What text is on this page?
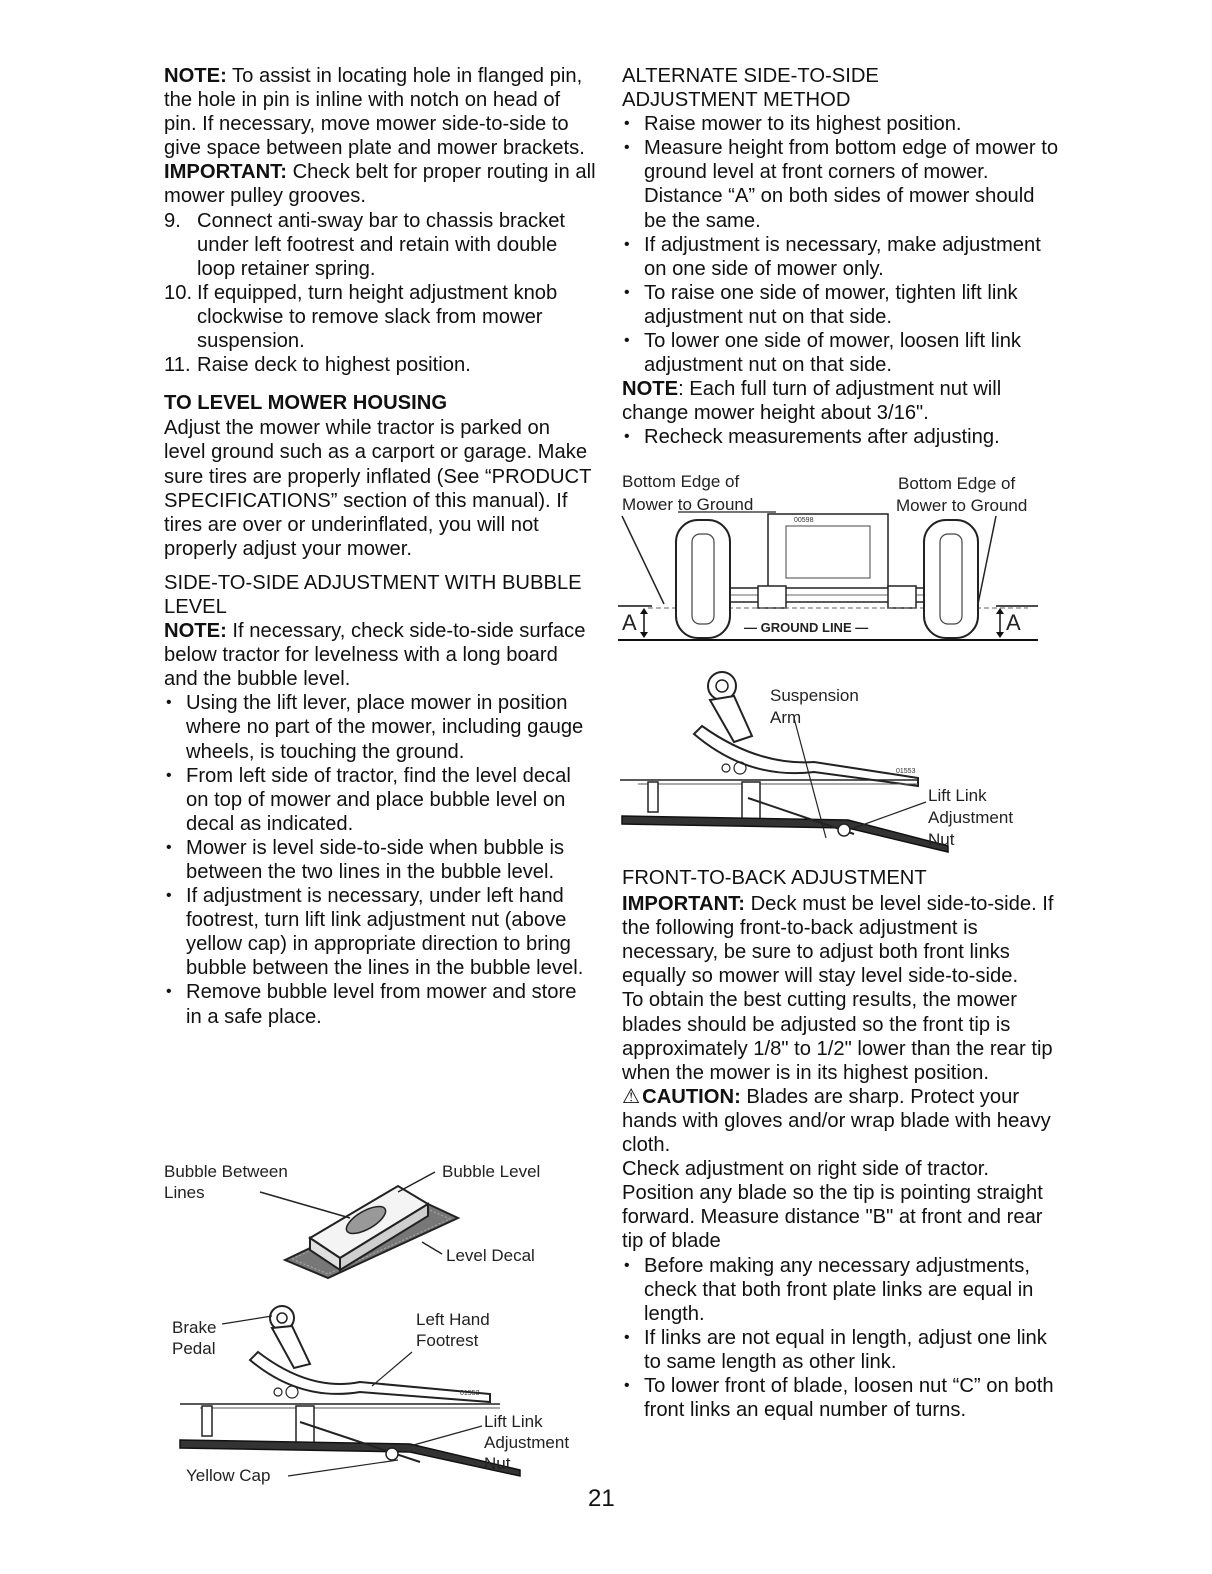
NOTE: To assist in locating hole in flanged pin, the hole in pin is inline with notch on head of pin. If necessary, move mower side-to-side to give space between plate and mower brackets.

IMPORTANT: Check belt for proper routing in all mower pulley grooves.

9. Connect anti-sway bar to chassis bracket under left footrest and retain with double loop retainer spring.
10. If equipped, turn height adjustment knob clockwise to remove slack from mower suspension.
11. Raise deck to highest position.

TO LEVEL MOWER HOUSING

Adjust the mower while tractor is parked on level ground such as a carport or garage. Make sure tires are properly inflated (See “PRODUCT SPECIFICATIONS” section of this manual). If tires are over or underinflated, you will not properly adjust your mower.

SIDE-TO-SIDE ADJUSTMENT WITH BUBBLE LEVEL

NOTE: If necessary, check side-to-side surface below tractor for levelness with a long board and the bubble level.

• Using the lift lever, place mower in position where no part of the mower, including gauge wheels, is touching the ground.
• From left side of tractor, find the level decal on top of mower and place bubble level on decal as indicated.
• Mower is level side-to-side when bubble is between the two lines in the bubble level.
• If adjustment is necessary, under left hand footrest, turn lift link adjustment nut (above yellow cap) in appropriate direction to bring bubble between the lines in the bubble level.
• Remove bubble level from mower and store in a safe place.
Bubble Between
Lines
Bubble Level
Level Decal
01553
Brake
Pedal
Left Hand
Footrest
Lift Link
Adjustment
Nut
Yellow Cap

ALTERNATE SIDE-TO-SIDE ADJUSTMENT METHOD

• Raise mower to its highest position.
• Measure height from bottom edge of mower to ground level at front corners of mower. Distance “A” on both sides of mower should be the same.
• If adjustment is necessary, make adjustment on one side of mower only.
• To raise one side of mower, tighten lift link adjustment nut on that side.
• To lower one side of mower, loosen lift link adjustment nut on that side.

NOTE: Each full turn of adjustment nut will change mower height about 3/16".

• Recheck measurements after adjusting.
00598
Bottom Edge of
Mower to Ground
Bottom Edge of
Mower to Ground
— GROUND LINE —
A	A
01553
Suspension
Arm
Lift Link
Adjustment
Nut

FRONT-TO-BACK ADJUSTMENT

IMPORTANT: Deck must be level side-to-side. If the following front-to-back adjustment is necessary, be sure to adjust both front links equally so mower will stay level side-to-side.

To obtain the best cutting results, the mower blades should be adjusted so the front tip is approximately 1/8" to 1/2" lower than the rear tip when the mower is in its highest position.

⚠CAUTION: Blades are sharp. Protect your hands with gloves and/or wrap blade with heavy cloth.

Check adjustment on right side of tractor. Position any blade so the tip is pointing straight forward. Measure distance "B" at front and rear tip of blade

• Before making any necessary adjustments, check that both front plate links are equal in length.
• If links are not equal in length, adjust one link to same length as other link.
• To lower front of blade, loosen nut “C” on both front links an equal number of turns.
21
